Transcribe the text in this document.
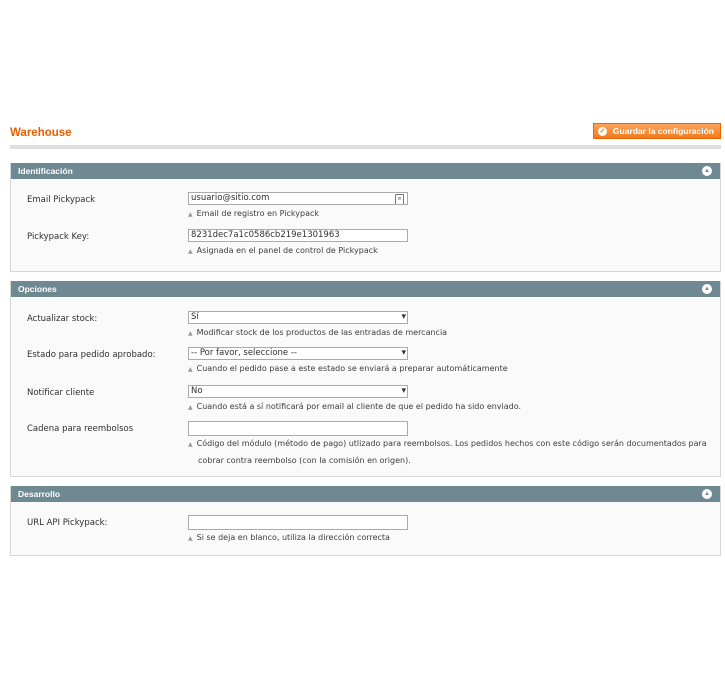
Warehouse	✓ Guardar la configuración
Identificación	▲
Email Pickypack	usuario@sitio.com	≡
▲ Email de registro en Pickypack
Pickypack Key:	8231dec7a1c0586cb219e1301963
▲ Asignada en el panel de control de Pickypack
Opciones	▲
Actualizar stock:	Sí ▾
▲ Modificar stock de los productos de las entradas de mercancia
Estado para pedido aprobado:	-- Por favor, seleccione -- ▾
▲ Cuando el pedido pase a este estado se enviará a preparar automáticamente
Notificar cliente	No ▾
▲ Cuando está a sí notificará por email al cliente de que el pedido ha sido enviado.
Cadena para reembolsos
▲ Código del módulo (método de pago) utlizado para reembolsos. Los pedidos hechos con este código serán documentados para
cobrar contra reembolso (con la comisión en origen).
Desarrollo	▲
URL API Pickypack:
▲ Si se deja en blanco, utiliza la dirección correcta
